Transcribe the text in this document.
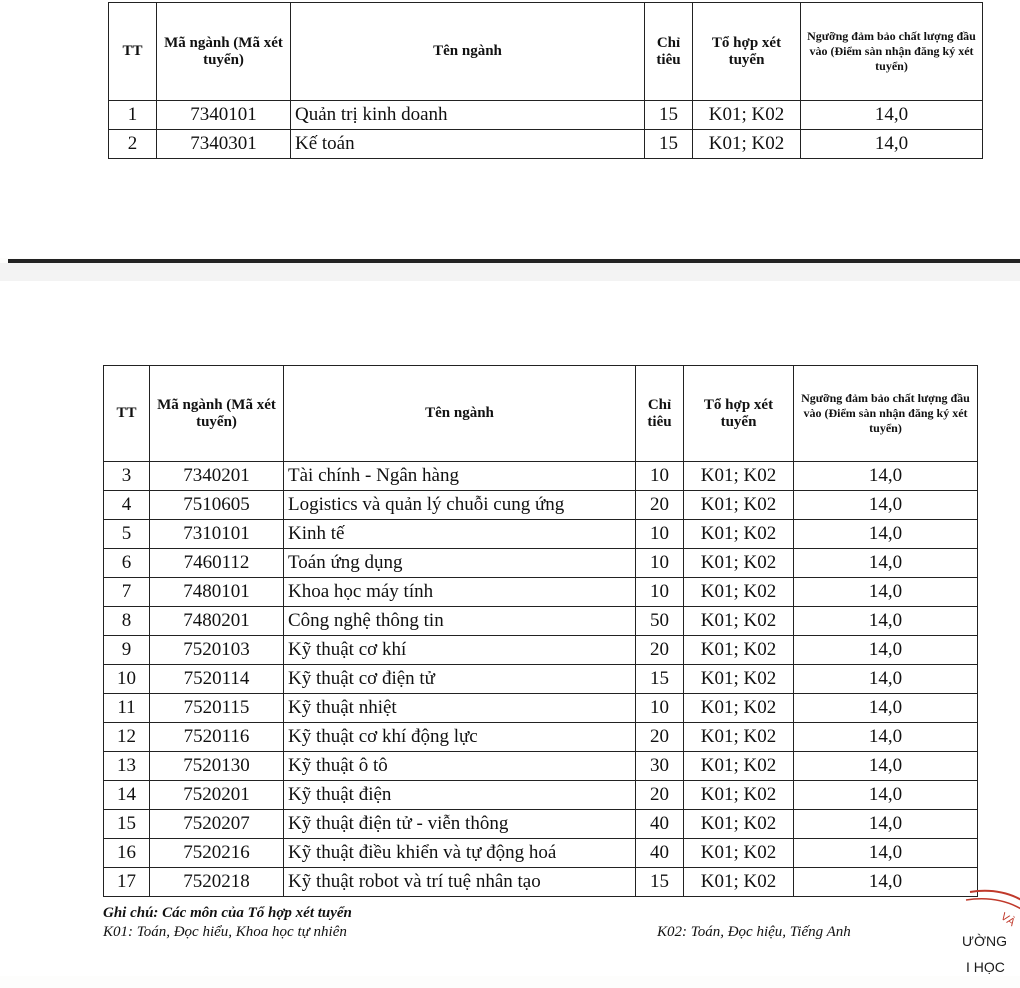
TT	Mã ngành (Mã xét tuyển)	Tên ngành	Chỉ tiêu	Tổ hợp xét tuyển	Ngưỡng đảm bảo chất lượng đầu vào (Điểm sàn nhận đăng ký xét tuyển)
1	7340101	Quản trị kinh doanh	15	K01; K02	14,0
2	7340301	Kế toán	15	K01; K02	14,0
TT	Mã ngành (Mã xét tuyển)	Tên ngành	Chỉ tiêu	Tổ hợp xét tuyển	Ngưỡng đảm bảo chất lượng đầu vào (Điểm sàn nhận đăng ký xét tuyển)
3	7340201	Tài chính - Ngân hàng	10	K01; K02	14,0
4	7510605	Logistics và quản lý chuỗi cung ứng	20	K01; K02	14,0
5	7310101	Kinh tế	10	K01; K02	14,0
6	7460112	Toán ứng dụng	10	K01; K02	14,0
7	7480101	Khoa học máy tính	10	K01; K02	14,0
8	7480201	Công nghệ thông tin	50	K01; K02	14,0
9	7520103	Kỹ thuật cơ khí	20	K01; K02	14,0
10	7520114	Kỹ thuật cơ điện tử	15	K01; K02	14,0
11	7520115	Kỹ thuật nhiệt	10	K01; K02	14,0
12	7520116	Kỹ thuật cơ khí động lực	20	K01; K02	14,0
13	7520130	Kỹ thuật ô tô	30	K01; K02	14,0
14	7520201	Kỹ thuật điện	20	K01; K02	14,0
15	7520207	Kỹ thuật điện tử - viễn thông	40	K01; K02	14,0
16	7520216	Kỹ thuật điều khiển và tự động hoá	40	K01; K02	14,0
17	7520218	Kỹ thuật robot và trí tuệ nhân tạo	15	K01; K02	14,0
Ghi chú: Các môn của Tổ hợp xét tuyển
K01: Toán, Đọc hiểu, Khoa học tự nhiên	K02: Toán, Đọc hiệu, Tiếng Anh
VÀ
ƯỜNG
I HỌC
